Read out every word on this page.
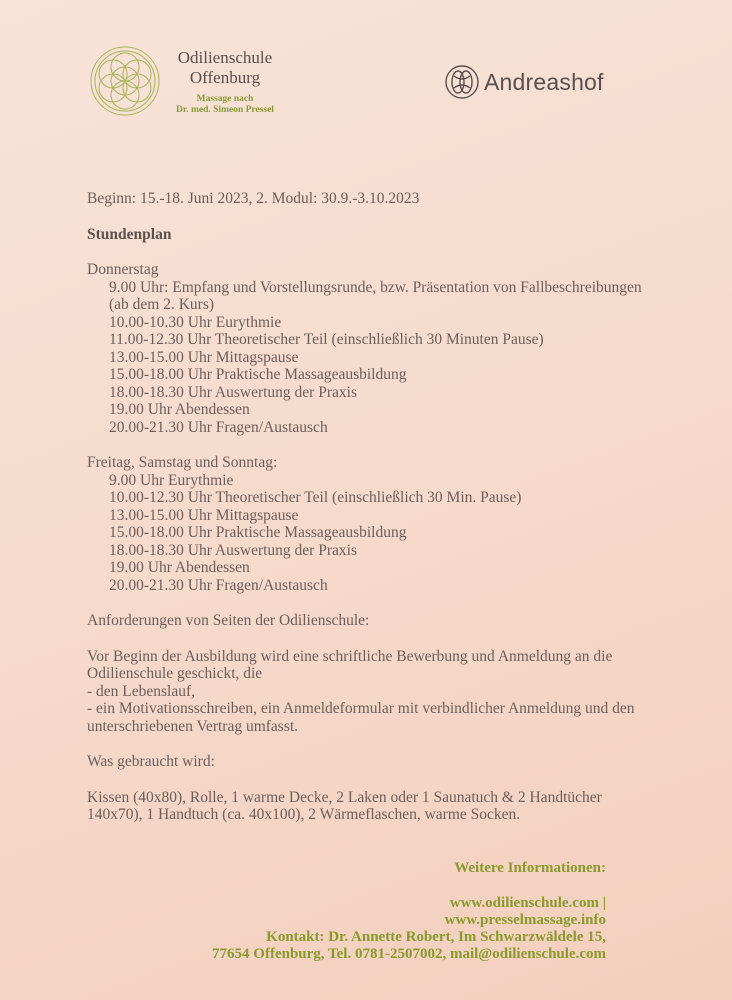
Odilienschule
Offenburg
Massage nach
Dr. med. Simeon Pressel
Andreashof

Beginn: 15.-18. Juni 2023, 2. Modul: 30.9.-3.10.2023

Stundenplan

Donnerstag

9.00 Uhr: Empfang und Vorstellungsrunde, bzw. Präsentation von Fallbeschreibungen (ab dem 2. Kurs)
10.00-10.30 Uhr Eurythmie
11.00-12.30 Uhr Theoretischer Teil (einschließlich 30 Minuten Pause)
13.00-15.00 Uhr Mittagspause
15.00-18.00 Uhr Praktische Massageausbildung
18.00-18.30 Uhr Auswertung der Praxis
19.00 Uhr Abendessen
20.00-21.30 Uhr Fragen/Austausch

Freitag, Samstag und Sonntag:

9.00 Uhr Eurythmie
10.00-12.30 Uhr Theoretischer Teil (einschließlich 30 Min. Pause)
13.00-15.00 Uhr Mittagspause
15.00-18.00 Uhr Praktische Massageausbildung
18.00-18.30 Uhr Auswertung der Praxis
19.00 Uhr Abendessen
20.00-21.30 Uhr Fragen/Austausch

Anforderungen von Seiten der Odilienschule:

Vor Beginn der Ausbildung wird eine schriftliche Bewerbung und Anmeldung an die Odilienschule geschickt, die

- den Lebenslauf,
- ein Motivationsschreiben, ein Anmeldeformular mit verbindlicher Anmeldung und den unterschriebenen Vertrag umfasst.

Was gebraucht wird:

Kissen (40x80), Rolle, 1 warme Decke, 2 Laken oder 1 Saunatuch & 2 Handtücher 140x70), 1 Handtuch (ca. 40x100), 2 Wärmeflaschen, warme Socken.

Weitere Informationen:
www.odilienschule.com |
www.presselmassage.info
Kontakt: Dr. Annette Robert, Im Schwarzwäldele 15,
77654 Offenburg, Tel. 0781-2507002, mail@odilienschule.com
